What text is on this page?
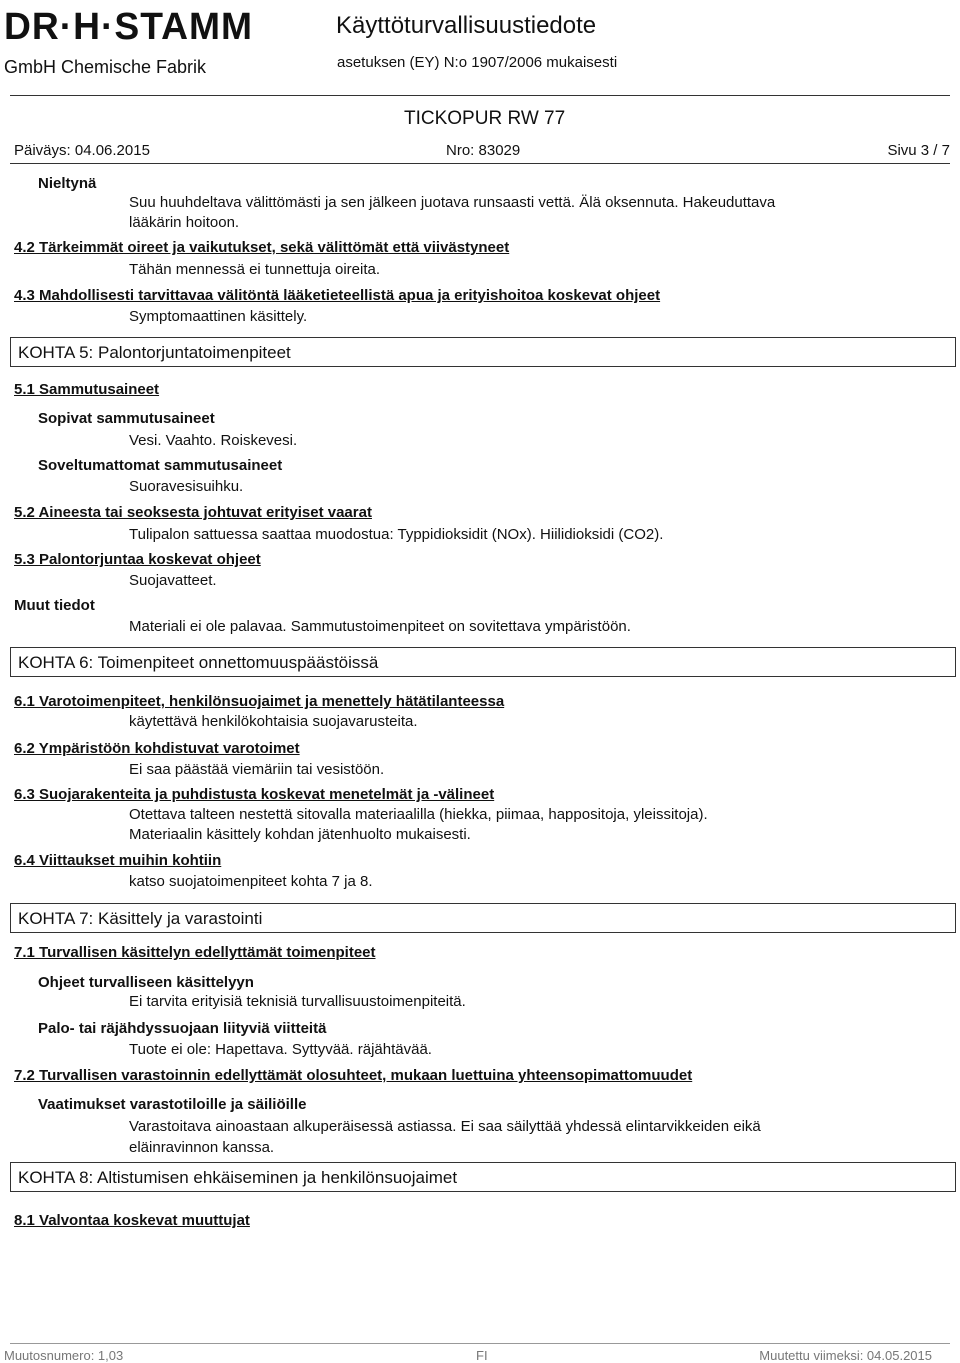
DR·H·STAMM
GmbH Chemische Fabrik
Käyttöturvallisuustiedote
asetuksen (EY) N:o 1907/2006 mukaisesti
TICKOPUR RW 77
Päiväys: 04.06.2015	Nro: 83029	Sivu 3 / 7
Nieltynä
Suu huuhdeltava välittömästi ja sen jälkeen juotava runsaasti vettä. Älä oksennuta. Hakeuduttava lääkärin hoitoon.
4.2 Tärkeimmät oireet ja vaikutukset, sekä välittömät että viivästyneet
Tähän mennessä ei tunnettuja oireita.
4.3 Mahdollisesti tarvittavaa välitöntä lääketieteellistä apua ja erityishoitoa koskevat ohjeet
Symptomaattinen käsittely.
KOHTA 5: Palontorjuntatoimenpiteet
5.1 Sammutusaineet
Sopivat sammutusaineet
Vesi. Vaahto. Roiskevesi.
Soveltumattomat sammutusaineet
Suoravesisuihku.
5.2 Aineesta tai seoksesta johtuvat erityiset vaarat
Tulipalon sattuessa saattaa muodostua: Typpidioksidit (NOx). Hiilidioksidi (CO2).
5.3 Palontorjuntaa koskevat ohjeet
Suojavatteet.
Muut tiedot
Materiali ei ole palavaa. Sammutustoimenpiteet on sovitettava ympäristöön.
KOHTA 6: Toimenpiteet onnettomuuspäästöissä
6.1 Varotoimenpiteet, henkilönsuojaimet ja menettely hätätilanteessa
käytettävä henkilökohtaisia suojavarusteita.
6.2 Ympäristöön kohdistuvat varotoimet
Ei saa päästää viemäriin tai vesistöön.
6.3 Suojarakenteita ja puhdistusta koskevat menetelmät ja -välineet
Otettava talteen nestettä sitovalla materiaalilla (hiekka, piimaa, happositoja, yleissitoja).
Materiaalin käsittely kohdan jätenhuolto mukaisesti.
6.4 Viittaukset muihin kohtiin
katso suojatoimenpiteet kohta 7 ja 8.
KOHTA 7: Käsittely ja varastointi
7.1 Turvallisen käsittelyn edellyttämät toimenpiteet
Ohjeet turvalliseen käsittelyyn
Ei tarvita erityisiä teknisiä turvallisuustoimenpiteitä.
Palo- tai räjähdyssuojaan liityviä viitteitä
Tuote ei ole: Hapettava. Syttyvää. räjähtävää.
7.2 Turvallisen varastoinnin edellyttämät olosuhteet, mukaan luettuina yhteensopimattomuudet
Vaatimukset varastotiloille ja säiliöille
Varastoitava ainoastaan alkuperäisessä astiassa. Ei saa säilyttää yhdessä elintarvikkeiden eikä eläinravinnon kanssa.
KOHTA 8: Altistumisen ehkäiseminen ja henkilönsuojaimet
8.1 Valvontaa koskevat muuttujat
Muutosnumero: 1,03	FI	Muutettu viimeksi: 04.05.2015
